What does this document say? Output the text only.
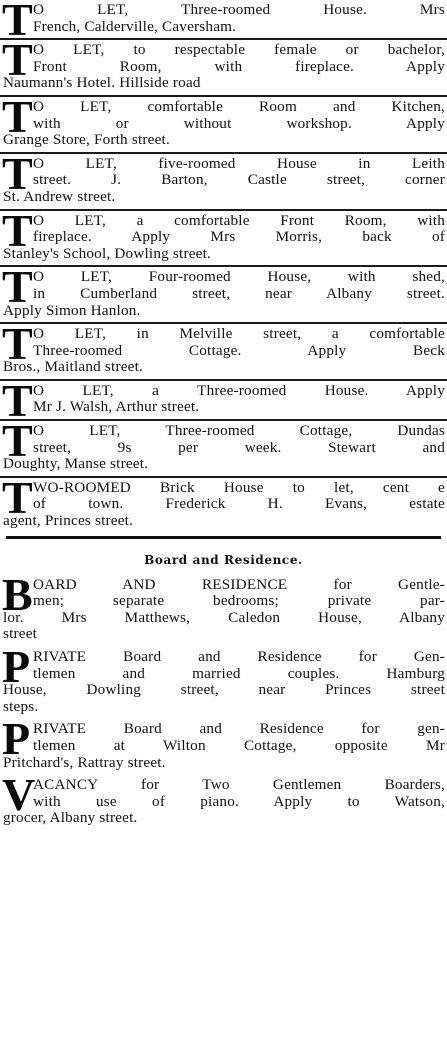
T O LET, Three-roomed House. Mrs
French, Calderville, Caversham.
T O LET, to respectable female or bachelor,
Front Room, with fireplace. Apply
Naumann's Hotel. Hillside road
T O LET, comfortable Room and Kitchen,
with or without workshop. Apply
Grange Store, Forth street.
T O LET, five-roomed House in Leith
street. J. Barton, Castle street, corner
St. Andrew street.
T O LET, a comfortable Front Room, with
fireplace. Apply Mrs Morris, back of
Stanley's School, Dowling street.
T O LET, Four-roomed House, with shed,
in Cumberland street, near Albany street.
Apply Simon Hanlon.
T O LET, in Melville street, a comfortable
Three-roomed Cottage. Apply Beck
Bros., Maitland street.
T O LET, a Three-roomed House. Apply
Mr J. Walsh, Arthur street.
T O LET, Three-roomed Cottage, Dundas
street, 9s per week. Stewart and
Doughty, Manse street.
T WO-ROOMED Brick House to let, cent e
of town. Frederick H. Evans, estate
agent, Princes street.
Board and Residence.
B OARD AND RESIDENCE for Gentle-
men; separate bedrooms; private par-
lor. Mrs Matthews, Caledon House, Albany
street
P RIVATE Board and Residence for Gen-
tlemen and married couples. Hamburg
House, Dowling street, near Princes street
steps.
P RIVATE Board and Residence for gen-
tlemen at Wilton Cottage, opposite Mr
Pritchard's, Rattray street.
V
ACANCY for Two Gentlemen Boarders,
with use of piano. Apply to Watson,
grocer, Albany street.
